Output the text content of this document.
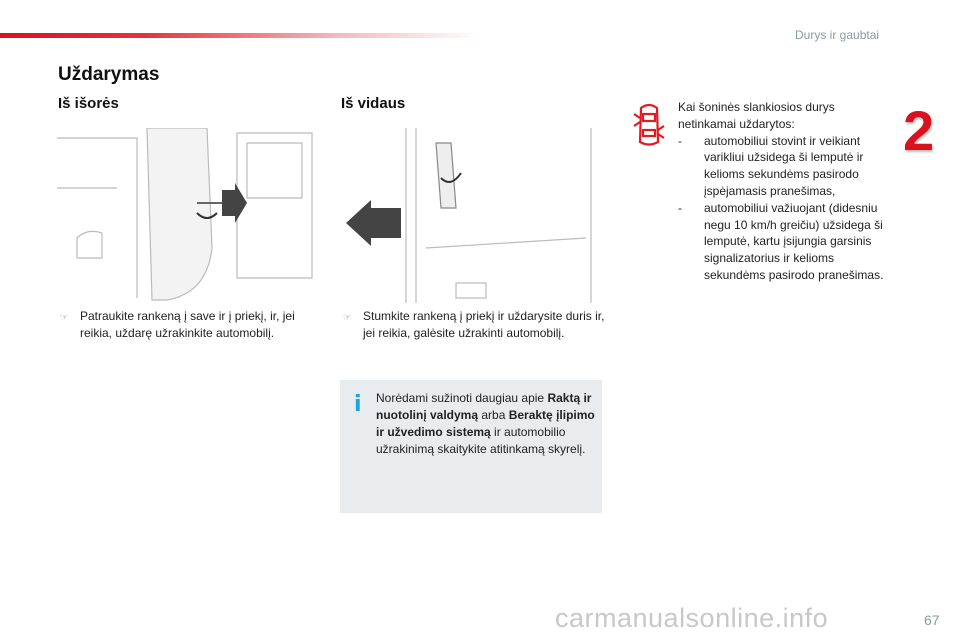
Durys ir gaubtai
2
Uždarymas
Iš išorės	Iš vidaus
☞ Patraukite rankeną į save ir į priekį, ir, jei reikia, uždarę užrakinkite automobilį.
☞ Stumkite rankeną į priekį ir uždarysite duris ir, jei reikia, galėsite užrakinti automobilį.
i Norėdami sužinoti daugiau apie Raktą ir nuotolinį valdymą arba Beraktę įlipimo ir užvedimo sistemą ir automobilio užrakinimą skaitykite atitinkamą skyrelį.
Kai šoninės slankiosios durys netinkamai uždarytos:
-	automobiliui stovint ir veikiant varikliui užsidega ši lemputė ir kelioms sekundėms pasirodo įspėjamasis pranešimas,
-	automobiliui važiuojant (didesniu negu 10 km/h greičiu) užsidega ši lemputė, kartu įsijungia garsinis signalizatorius ir kelioms sekundėms pasirodo pranešimas.
carmanualsonline.info	67
